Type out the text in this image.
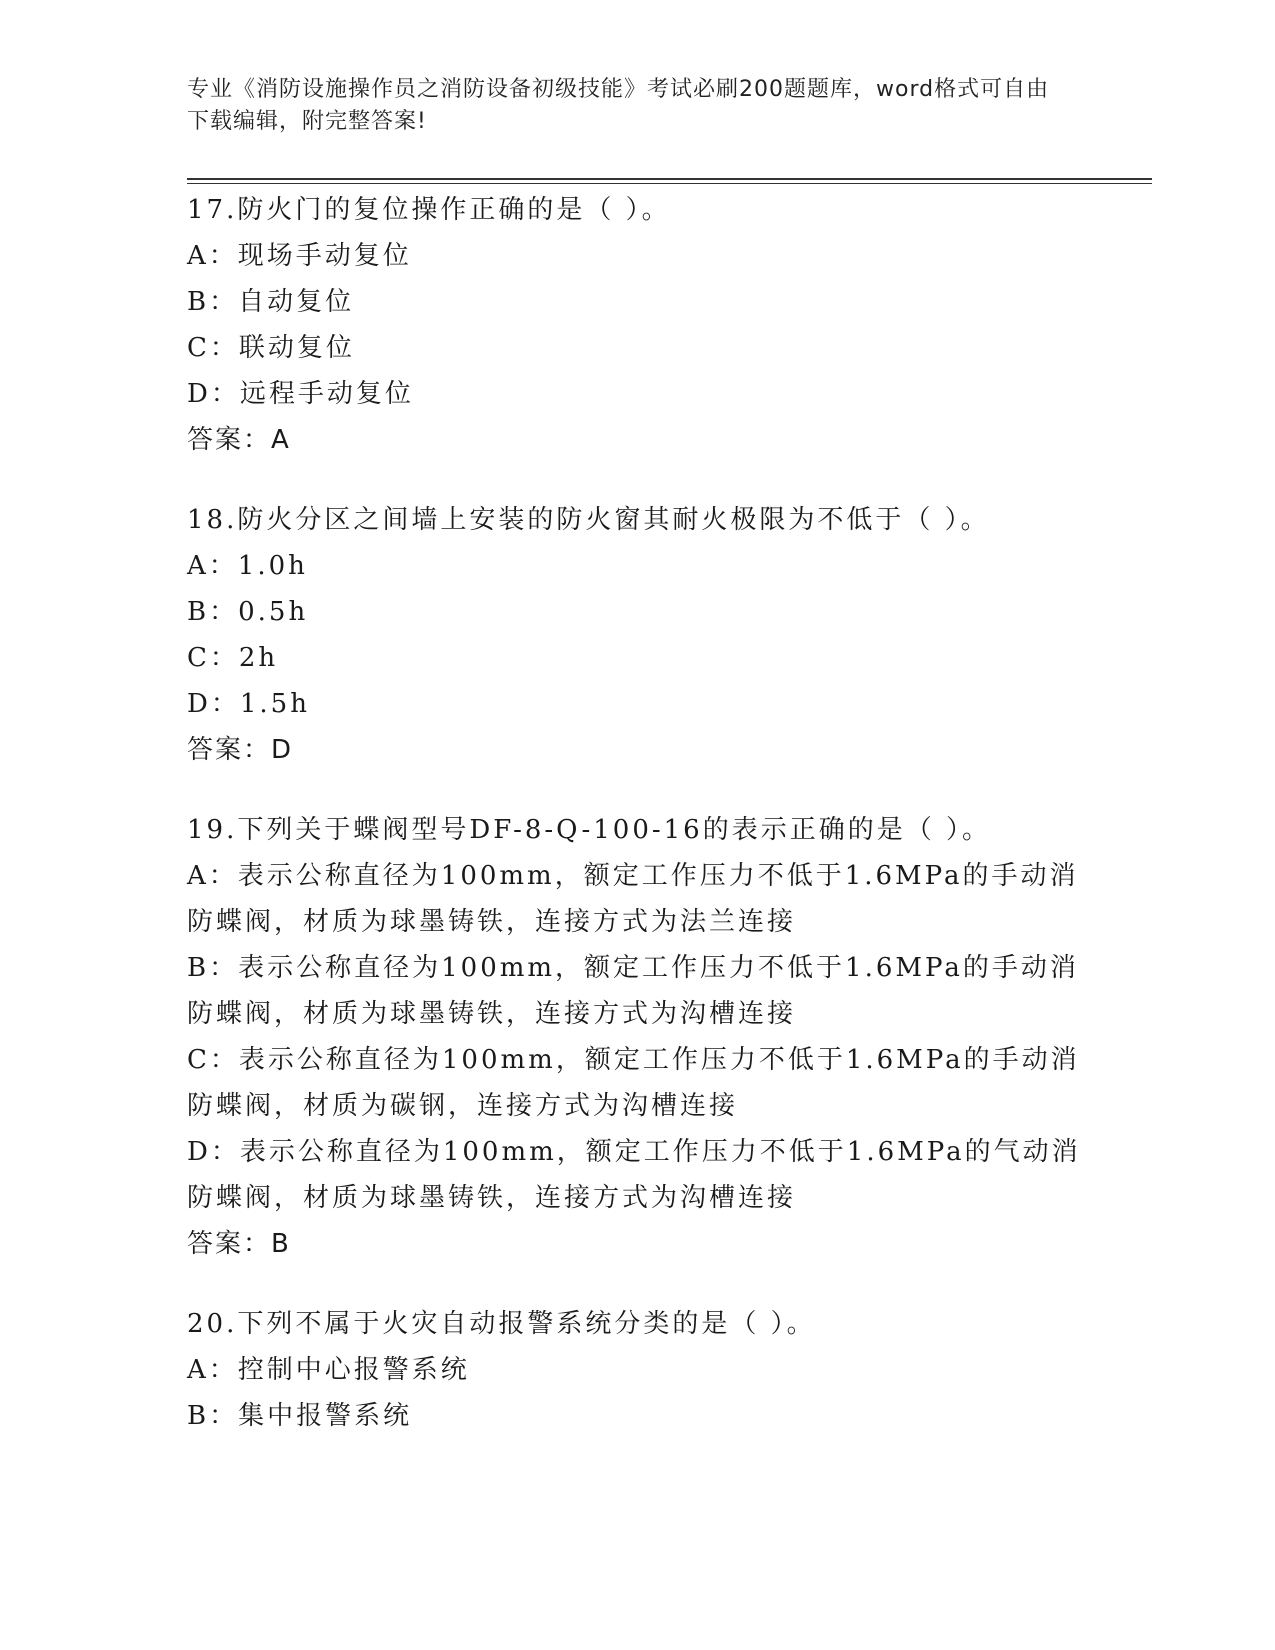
专业《消防设施操作员之消防设备初级技能》考试必刷200题题库，word格式可自由下载编辑，附完整答案!
17.防火门的复位操作正确的是（ ）。
A：现场手动复位
B：自动复位
C：联动复位
D：远程手动复位
答案：A
18.防火分区之间墙上安装的防火窗其耐火极限为不低于（ ）。
A：1.0h
B：0.5h
C：2h
D：1.5h
答案：D
19.下列关于蝶阀型号DF-8-Q-100-16的表示正确的是（ ）。
A：表示公称直径为100mm，额定工作压力不低于1.6MPa的手动消防蝶阀，材质为球墨铸铁，连接方式为法兰连接
B：表示公称直径为100mm，额定工作压力不低于1.6MPa的手动消防蝶阀，材质为球墨铸铁，连接方式为沟槽连接
C：表示公称直径为100mm，额定工作压力不低于1.6MPa的手动消防蝶阀，材质为碳钢，连接方式为沟槽连接
D：表示公称直径为100mm，额定工作压力不低于1.6MPa的气动消防蝶阀，材质为球墨铸铁，连接方式为沟槽连接
答案：B
20.下列不属于火灾自动报警系统分类的是（ ）。
A：控制中心报警系统
B：集中报警系统
